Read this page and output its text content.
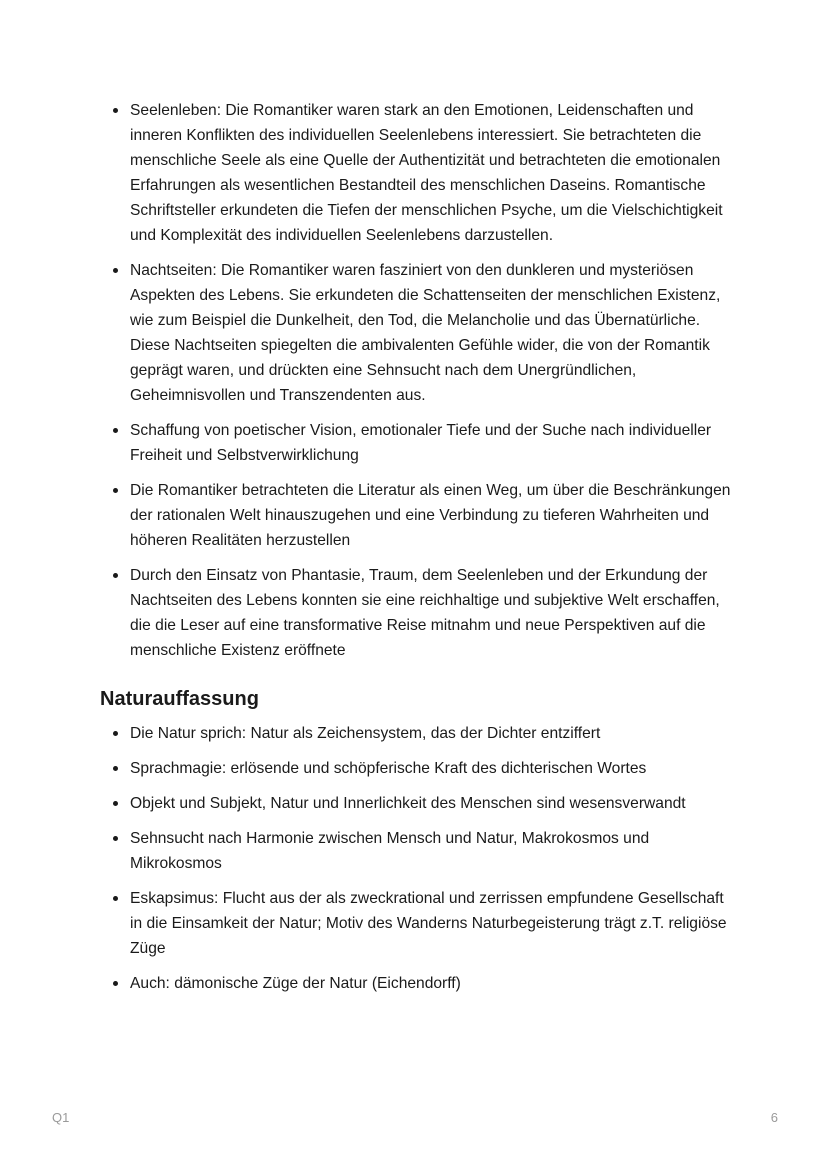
Seelenleben: Die Romantiker waren stark an den Emotionen, Leidenschaften und inneren Konflikten des individuellen Seelenlebens interessiert. Sie betrachteten die menschliche Seele als eine Quelle der Authentizität und betrachteten die emotionalen Erfahrungen als wesentlichen Bestandteil des menschlichen Daseins. Romantische Schriftsteller erkundeten die Tiefen der menschlichen Psyche, um die Vielschichtigkeit und Komplexität des individuellen Seelenlebens darzustellen.
Nachtseiten: Die Romantiker waren fasziniert von den dunkleren und mysteriösen Aspekten des Lebens. Sie erkundeten die Schattenseiten der menschlichen Existenz, wie zum Beispiel die Dunkelheit, den Tod, die Melancholie und das Übernatürliche. Diese Nachtseiten spiegelten die ambivalenten Gefühle wider, die von der Romantik geprägt waren, und drückten eine Sehnsucht nach dem Unergründlichen, Geheimnisvollen und Transzendenten aus.
Schaffung von poetischer Vision, emotionaler Tiefe und der Suche nach individueller Freiheit und Selbstverwirklichung
Die Romantiker betrachteten die Literatur als einen Weg, um über die Beschränkungen der rationalen Welt hinauszugehen und eine Verbindung zu tieferen Wahrheiten und höheren Realitäten herzustellen
Durch den Einsatz von Phantasie, Traum, dem Seelenleben und der Erkundung der Nachtseiten des Lebens konnten sie eine reichhaltige und subjektive Welt erschaffen, die die Leser auf eine transformative Reise mitnahm und neue Perspektiven auf die menschliche Existenz eröffnete
Naturauffassung
Die Natur sprich: Natur als Zeichensystem, das der Dichter entziffert
Sprachmagie: erlösende und schöpferische Kraft des dichterischen Wortes
Objekt und Subjekt, Natur und Innerlichkeit des Menschen sind wesensverwandt
Sehnsucht nach Harmonie zwischen Mensch und Natur, Makrokosmos und Mikrokosmos
Eskapsimus: Flucht aus der als zweckrational und zerrissen empfundene Gesellschaft in die Einsamkeit der Natur; Motiv des Wanderns Naturbegeisterung trägt z.T. religiöse Züge
Auch: dämonische Züge der Natur (Eichendorff)
Q1	6
